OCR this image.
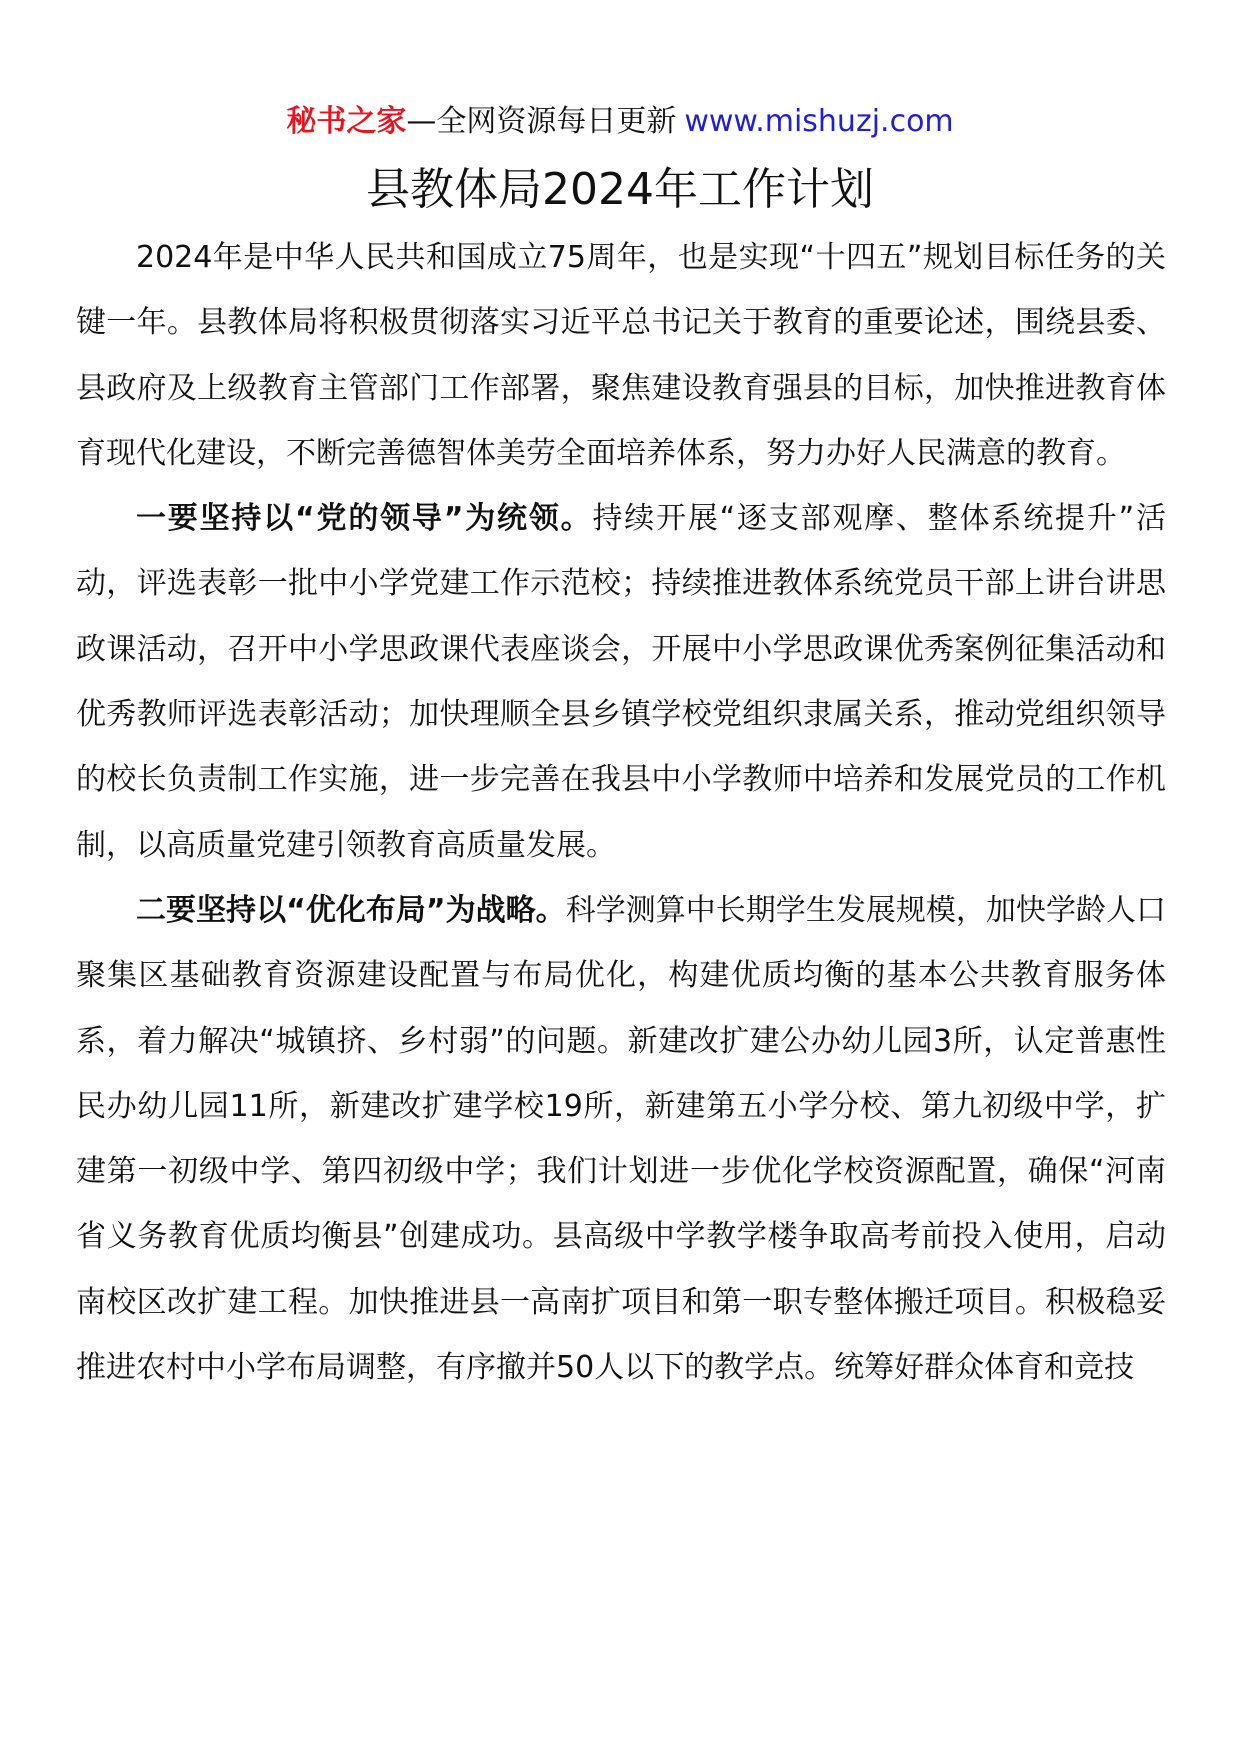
秘书之家—全网资源每日更新 www.mishuzj.com
县教体局2024年工作计划

2024年是中华人民共和国成立75周年，也是实现“十四五”规划目标任务的关键一年。县教体局将积极贯彻落实习近平总书记关于教育的重要论述，围绕县委、县政府及上级教育主管部门工作部署，聚焦建设教育强县的目标，加快推进教育体育现代化建设，不断完善德智体美劳全面培养体系，努力办好人民满意的教育。

一要坚持以“党的领导”为统领。持续开展“逐支部观摩、整体系统提升”活动，评选表彰一批中小学党建工作示范校；持续推进教体系统党员干部上讲台讲思政课活动，召开中小学思政课代表座谈会，开展中小学思政课优秀案例征集活动和优秀教师评选表彰活动；加快理顺全县乡镇学校党组织隶属关系，推动党组织领导的校长负责制工作实施，进一步完善在我县中小学教师中培养和发展党员的工作机制，以高质量党建引领教育高质量发展。

二要坚持以“优化布局”为战略。科学测算中长期学生发展规模，加快学龄人口聚集区基础教育资源建设配置与布局优化，构建优质均衡的基本公共教育服务体系，着力解决“城镇挤、乡村弱”的问题。新建改扩建公办幼儿园3所，认定普惠性民办幼儿园11所，新建改扩建学校19所，新建第五小学分校、第九初级中学，扩建第一初级中学、第四初级中学；我们计划进一步优化学校资源配置，确保“河南省义务教育优质均衡县”创建成功。县高级中学教学楼争取高考前投入使用，启动南校区改扩建工程。加快推进县一高南扩项目和第一职专整体搬迁项目。积极稳妥推进农村中小学布局调整，有序撤并50人以下的教学点。统筹好群众体育和竞技
